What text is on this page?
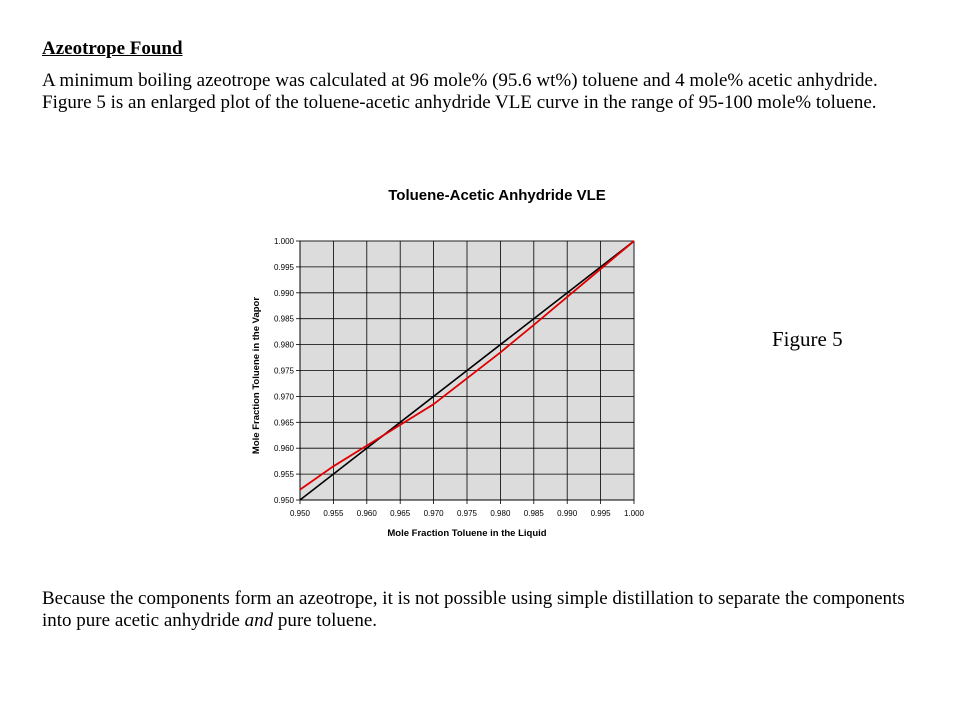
Azeotrope Found
A minimum boiling azeotrope was calculated at 96 mole% (95.6 wt%) toluene and 4 mole% acetic anhydride. Figure 5 is an enlarged plot of the toluene-acetic anhydride VLE curve in the range of 95-100 mole% toluene.
Figure 5
Toluene-Acetic Anhydride VLE
0.950 0.955 0.960 0.965 0.970 0.975 0.980 0.985 0.990 0.995 1.000
0.950
0.955
0.960
0.965
0.970
0.975
0.980
0.985
0.990
0.995
1.000
Mole Fraction Toluene in the Liquid
Mole Fraction Toluene in the Vapor
Because the components form an azeotrope, it is not possible using simple distillation to separate the components into pure acetic anhydride and pure toluene.
